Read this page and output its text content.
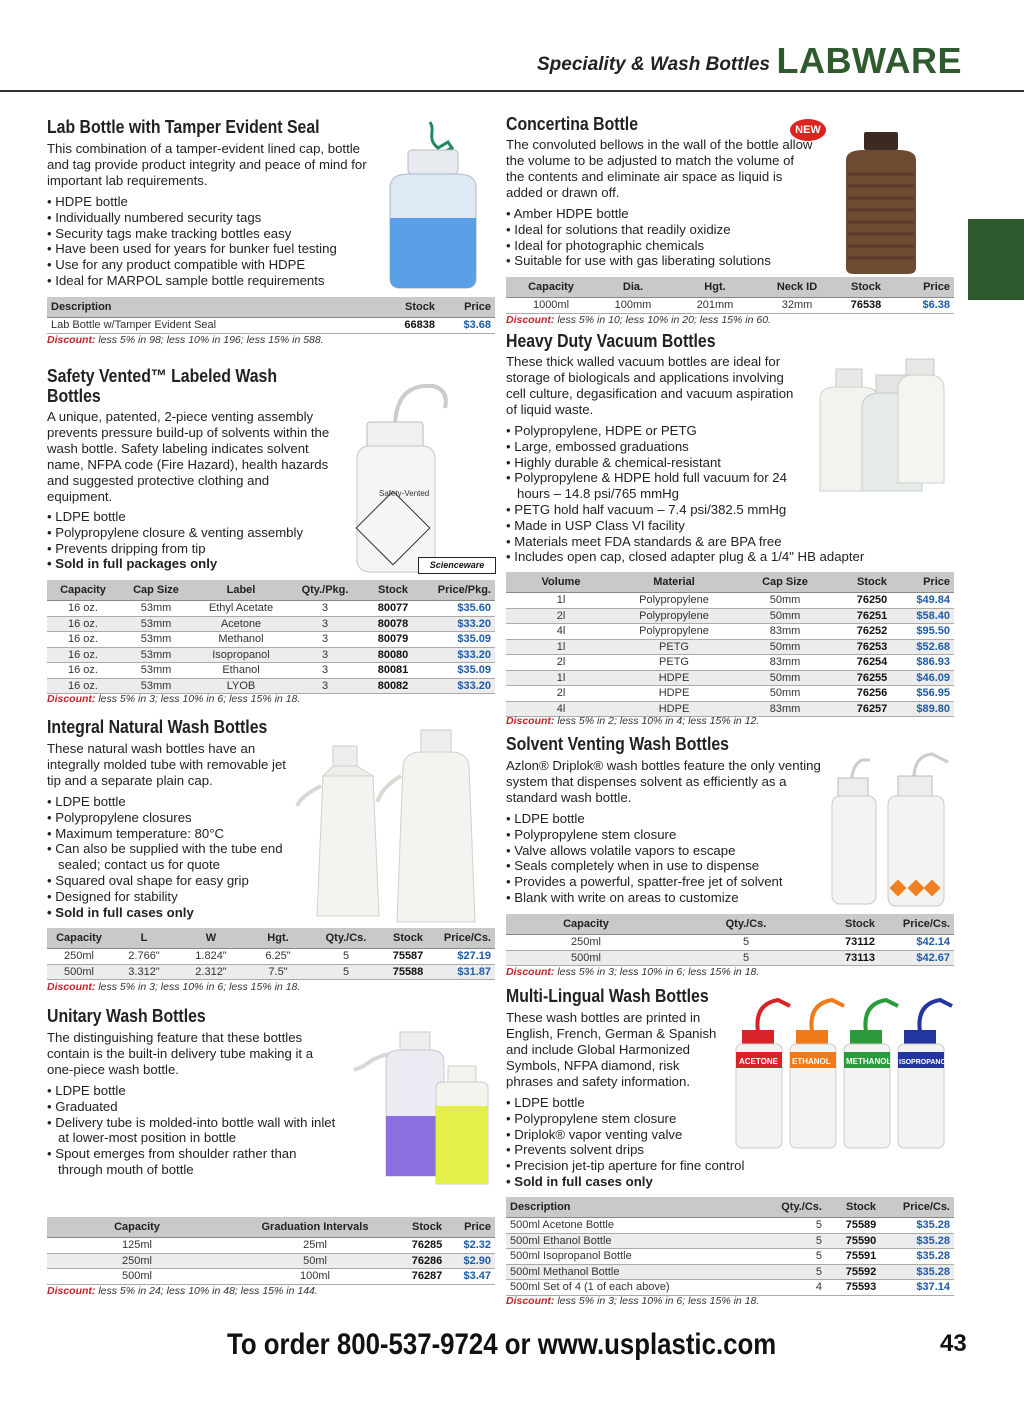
Speciality & Wash Bottles LABWARE
Lab Bottle with Tamper Evident Seal
This combination of a tamper-evident lined cap, bottle and tag provide product integrity and peace of mind for important lab requirements.
• HDPE bottle
• Individually numbered security tags
• Security tags make tracking bottles easy
• Have been used for years for bunker fuel testing
• Use for any product compatible with HDPE
• Ideal for MARPOL sample bottle requirements
Description	Stock	Price
Lab Bottle w/Tamper Evident Seal	66838	$3.68
Discount: less 5% in 98; less 10% in 196; less 15% in 588.
Safety Vented™ Labeled Wash
Bottles
A unique, patented, 2-piece venting assembly prevents pressure build-up of solvents within the wash bottle. Safety labeling indicates solvent name, NFPA code (Fire Hazard), health hazards and suggested protective clothing and equipment.
• LDPE bottle
• Polypropylene closure & venting assembly
• Prevents dripping from tip
• Sold in full packages only
Safety-Vented
Scienceware
Capacity	Cap Size	Label	Qty./Pkg.	Stock	Price/Pkg.
16 oz.	53mm	Ethyl Acetate	3	80077	$35.60
16 oz.	53mm	Acetone	3	80078	$33.20
16 oz.	53mm	Methanol	3	80079	$35.09
16 oz.	53mm	Isopropanol	3	80080	$33.20
16 oz.	53mm	Ethanol	3	80081	$35.09
16 oz.	53mm	LYOB	3	80082	$33.20
Discount: less 5% in 3; less 10% in 6; less 15% in 18.
Integral Natural Wash Bottles
These natural wash bottles have an integrally molded tube with removable jet tip and a separate plain cap.
• LDPE bottle
• Polypropylene closures
• Maximum temperature: 80°C
• Can also be supplied with the tube end sealed; contact us for quote
• Squared oval shape for easy grip
• Designed for stability
• Sold in full cases only
Capacity	L	W	Hgt.	Qty./Cs.	Stock	Price/Cs.
250ml	2.766"	1.824"	6.25"	5	75587	$27.19
500ml	3.312"	2.312"	7.5"	5	75588	$31.87
Discount: less 5% in 3; less 10% in 6; less 15% in 18.
Unitary Wash Bottles
The distinguishing feature that these bottles contain is the built-in delivery tube making it a one-piece wash bottle.
• LDPE bottle
• Graduated
• Delivery tube is molded-into bottle wall with inlet at lower-most position in bottle
• Spout emerges from shoulder rather than through mouth of bottle
Capacity	Graduation Intervals	Stock	Price
125ml	25ml	76285	$2.32
250ml	50ml	76286	$2.90
500ml	100ml	76287	$3.47
Discount: less 5% in 24; less 10% in 48; less 15% in 144.
Concertina Bottle	NEW
The convoluted bellows in the wall of the bottle allow the volume to be adjusted to match the volume of the contents and eliminate air space as liquid is added or drawn off.
• Amber HDPE bottle
• Ideal for solutions that readily oxidize
• Ideal for photographic chemicals
• Suitable for use with gas liberating solutions
Capacity	Dia.	Hgt.	Neck ID	Stock	Price
1000ml	100mm	201mm	32mm	76538	$6.38
Discount: less 5% in 10; less 10% in 20; less 15% in 60.
Heavy Duty Vacuum Bottles
These thick walled vacuum bottles are ideal for storage of biologicals and applications involving cell culture, degasification and vacuum aspiration of liquid waste.
• Polypropylene, HDPE or PETG
• Large, embossed graduations
• Highly durable & chemical-resistant
• Polypropylene & HDPE hold full vacuum for 24 hours – 14.8 psi/765 mmHg
• PETG hold half vacuum – 7.4 psi/382.5 mmHg
• Made in USP Class VI facility
• Materials meet FDA standards & are BPA free
• Includes open cap, closed adapter plug & a 1/4" HB adapter
Volume	Material	Cap Size	Stock	Price
1l	Polypropylene	50mm	76250	$49.84
2l	Polypropylene	50mm	76251	$58.40
4l	Polypropylene	83mm	76252	$95.50
1l	PETG	50mm	76253	$52.68
2l	PETG	83mm	76254	$86.93
1l	HDPE	50mm	76255	$46.09
2l	HDPE	50mm	76256	$56.95
4l	HDPE	83mm	76257	$89.80
Discount: less 5% in 2; less 10% in 4; less 15% in 12.
Solvent Venting Wash Bottles
Azlon® Driplok® wash bottles feature the only venting system that dispenses solvent as efficiently as a standard wash bottle.
• LDPE bottle
• Polypropylene stem closure
• Valve allows volatile vapors to escape
• Seals completely when in use to dispense
• Provides a powerful, spatter-free jet of solvent
• Blank with write on areas to customize
Capacity	Qty./Cs.	Stock	Price/Cs.
250ml	5	73112	$42.14
500ml	5	73113	$42.67
Discount: less 5% in 3; less 10% in 6; less 15% in 18.
Multi-Lingual Wash Bottles
These wash bottles are printed in English, French, German & Spanish and include Global Harmonized Symbols, NFPA diamond, risk phrases and safety information.
• LDPE bottle
• Polypropylene stem closure
• Driplok® vapor venting valve
• Prevents solvent drips
• Precision jet-tip aperture for fine control
• Sold in full cases only
ACETONE ETHANOL METHANOL ISOPROPANOL
Description	Qty./Cs.	Stock	Price/Cs.
500ml Acetone Bottle	5	75589	$35.28
500ml Ethanol Bottle	5	75590	$35.28
500ml Isopropanol Bottle	5	75591	$35.28
500ml Methanol Bottle	5	75592	$35.28
500ml Set of 4 (1 of each above)	4	75593	$37.14
Discount: less 5% in 3; less 10% in 6; less 15% in 18.
To order 800-537-9724 or www.usplastic.com	43
